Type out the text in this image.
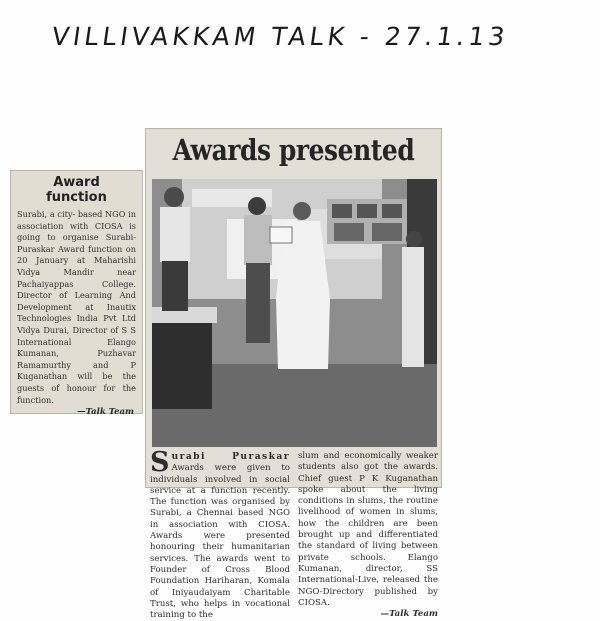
VILLIVAKKAM TALK - 27.1.13
Award
function
Surabi, a city- based NGO in association with CIOSA is going to organise Surabi-Puraskar Award function on 20 January at Maharishi Vidya Mandir near Pachaiyappas College. Director of Learning And Development at Inautix Technologies India Pvt Ltd Vidya Durai, Director of S S International Elango Kumanan, Puzhavar Ramamurthy and P Kuganathan will be the guests of honour for the function.
—Talk Team
Awards presented
Surabi Puraskar Awards were given to individuals involved in social service at a function recently. The function was organised by Surabi, a Chennai based NGO in association with CIOSA. Awards were presented honouring their humanitarian services. The awards went to Founder of Cross Blood Foundation Hariharan, Komala of Iniyaudaiyam Charitable Trust, who helps in vocational training to the
slum and economically weaker students also got the awards. Chief guest P K Kuganathan spoke about the living conditions in slums, the routine livelihood of women in slums, how the children are been brought up and differentiated the standard of living between private schools. Elango Kumanan, director, SS International-Live, released the NGO-Directory published by CIOSA.
—Talk Team
